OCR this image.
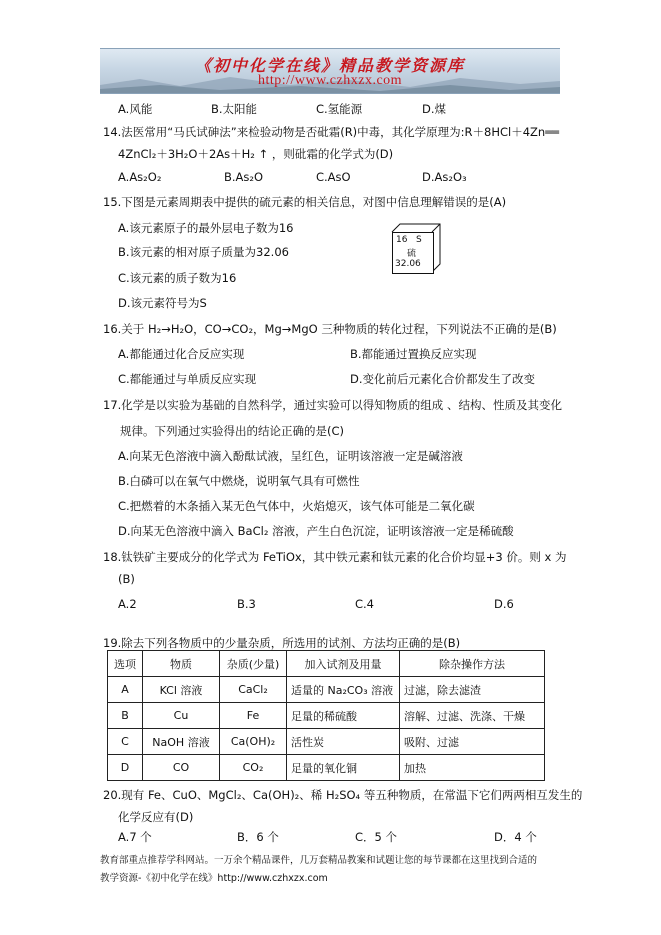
《初中化学在线》精品教学资源库
http://www.czhxzx.com
A.风能	B.太阳能	C.氢能源	D.煤
14.法医常用“马氏试砷法”来检验动物是否砒霜(R)中毒，其化学原理为:R＋8HCl＋4Zn══
4ZnCl₂＋3H₂O＋2As＋H₂ ↑ ，则砒霜的化学式为(D)
A.As₂O₂	B.As₂O	C.AsO	D.As₂O₃
15.下图是元素周期表中提供的硫元素的相关信息，对图中信息理解错误的是(A)
A.该元素原子的最外层电子数为16
B.该元素的相对原子质量为32.06
C.该元素的质子数为16
D.该元素符号为S
16 S
硫
32.06
16.关于 H₂→H₂O，CO→CO₂，Mg→MgO 三种物质的转化过程，下列说法不正确的是(B)
A.都能通过化合反应实现	B.都能通过置换反应实现
C.都能通过与单质反应实现	D.变化前后元素化合价都发生了改变
17.化学是以实验为基础的自然科学，通过实验可以得知物质的组成 、结构、性质及其变化
规律。下列通过实验得出的结论正确的是(C)
A.向某无色溶液中滴入酚酞试液，呈红色，证明该溶液一定是碱溶液
B.白磷可以在氧气中燃烧，说明氧气具有可燃性
C.把燃着的木条插入某无色气体中，火焰熄灭，该气体可能是二氧化碳
D.向某无色溶液中滴入 BaCl₂ 溶液，产生白色沉淀，证明该溶液一定是稀硫酸
18.钛铁矿主要成分的化学式为 FeTiOx，其中铁元素和钛元素的化合价均显+3 价。则 x 为
(B)
A.2	B.3	C.4	D.6
19.除去下列各物质中的少量杂质，所选用的试剂、方法均正确的是(B)
选项	物质	杂质(少量)	加入试剂及用量	除杂操作方法
A	KCl 溶液	CaCl₂	适量的 Na₂CO₃ 溶液	过滤，除去滤渣
B	Cu	Fe	足量的稀硫酸	溶解、过滤、洗涤、干燥
C	NaOH 溶液	Ca(OH)₂	活性炭	吸附、过滤
D	CO	CO₂	足量的氧化铜	加热
20.现有 Fe、CuO、MgCl₂、Ca(OH)₂、稀 H₂SO₄ 等五种物质，在常温下它们两两相互发生的
化学反应有(D)
A.7 个	B．6 个	C．5 个	D．4 个
教育部重点推荐学科网站。一万余个精品课件，几万套精品教案和试题让您的每节课都在这里找到合适的
教学资源-《初中化学在线》http://www.czhxzx.com
